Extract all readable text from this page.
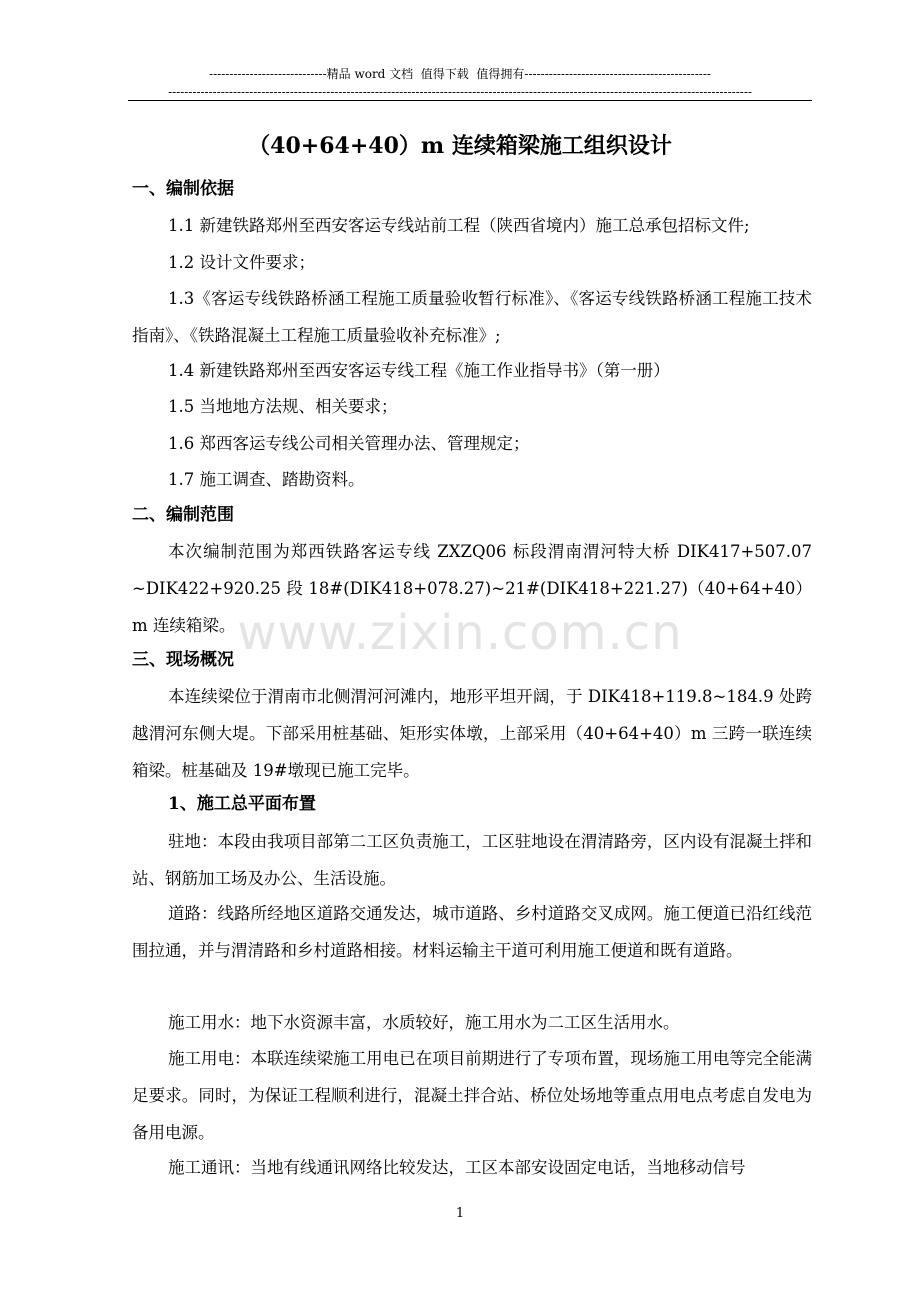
-----------------------------精品 word 文档  值得下载  值得拥有----------------------------------------------
------------------------------------------------------------------------------------------------------------------------------------------------
www.zixin.com.cn
（40+64+40）m 连续箱梁施工组织设计
一、编制依据
1.1 新建铁路郑州至西安客运专线站前工程（陕西省境内）施工总承包招标文件;
1.2 设计文件要求；
1.3《客运专线铁路桥涵工程施工质量验收暂行标准》、《客运专线铁路桥涵工程施工技术指南》、《铁路混凝土工程施工质量验收补充标准》;
1.4 新建铁路郑州至西安客运专线工程《施工作业指导书》（第一册）
1.5 当地地方法规、相关要求；
1.6 郑西客运专线公司相关管理办法、管理规定；
1.7 施工调查、踏勘资料。
二、编制范围
本次编制范围为郑西铁路客运专线 ZXZQ06 标段渭南渭河特大桥 DIK417+507.07 ~DIK422+920.25 段 18#(DIK418+078.27)~21#(DIK418+221.27)（40+64+40）m 连续箱梁。
三、现场概况
本连续梁位于渭南市北侧渭河河滩内，地形平坦开阔，于 DIK418+119.8~184.9 处跨越渭河东侧大堤。下部采用桩基础、矩形实体墩，上部采用（40+64+40）m 三跨一联连续箱梁。桩基础及 19#墩现已施工完毕。
1、施工总平面布置
驻地：本段由我项目部第二工区负责施工，工区驻地设在渭清路旁，区内设有混凝土拌和站、钢筋加工场及办公、生活设施。
道路：线路所经地区道路交通发达，城市道路、乡村道路交叉成网。施工便道已沿红线范围拉通，并与渭清路和乡村道路相接。材料运输主干道可利用施工便道和既有道路。
施工用水：地下水资源丰富，水质较好，施工用水为二工区生活用水。
施工用电：本联连续梁施工用电已在项目前期进行了专项布置，现场施工用电等完全能满足要求。同时，为保证工程顺利进行，混凝土拌合站、桥位处场地等重点用电点考虑自发电为备用电源。
施工通讯：当地有线通讯网络比较发达，工区本部安设固定电话，当地移动信号
1
